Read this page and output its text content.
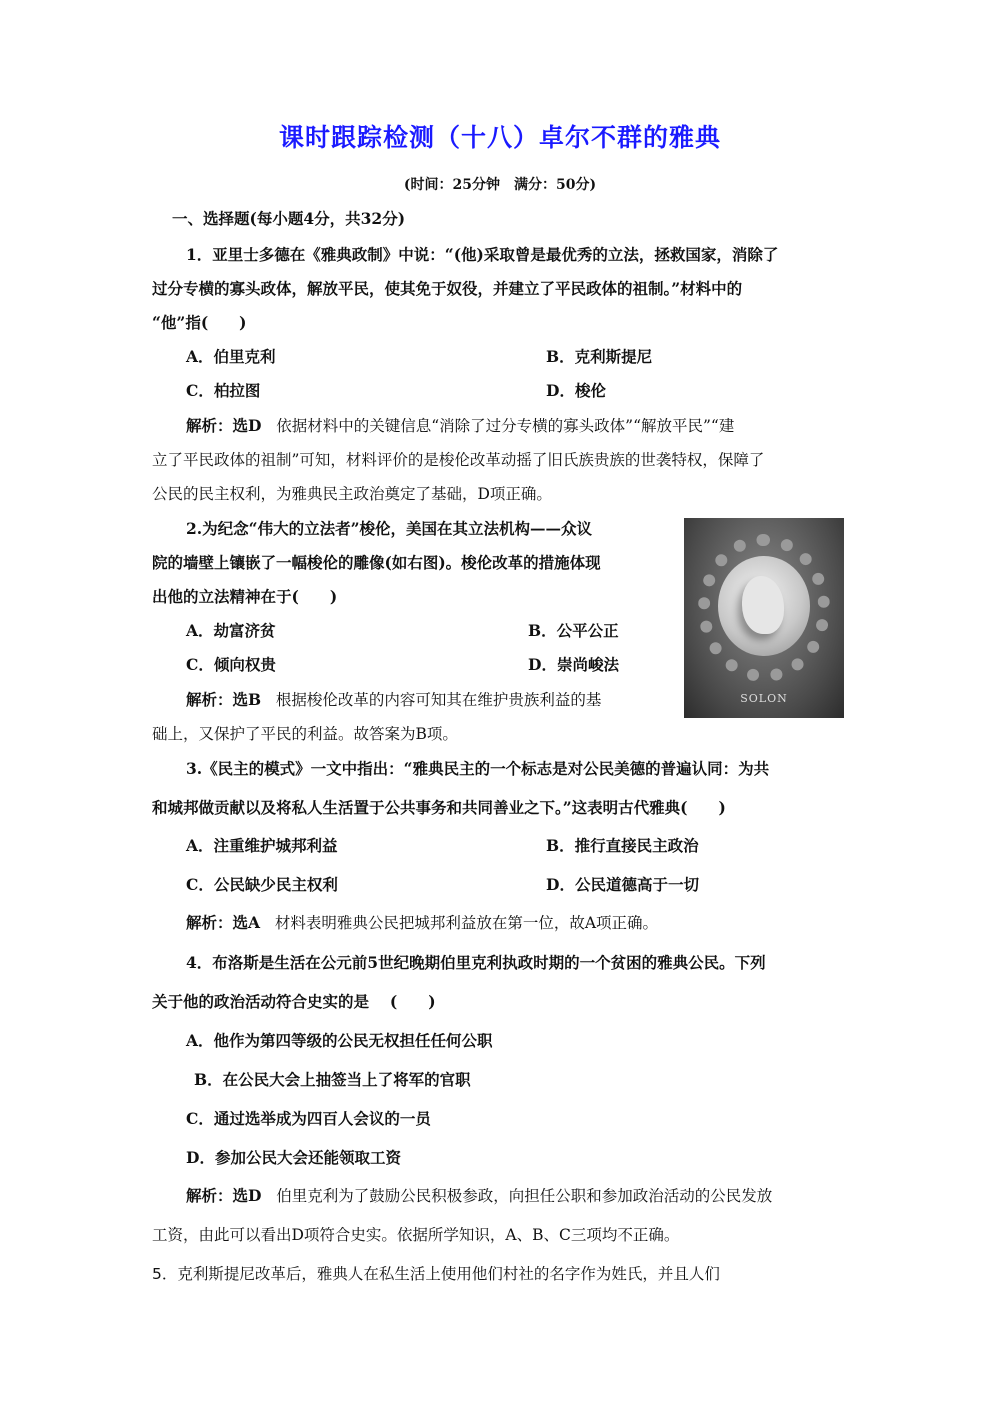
课时跟踪检测（十八）卓尔不群的雅典
(时间：25分钟　满分：50分)
一、选择题(每小题4分，共32分)
1．亚里士多德在《雅典政制》中说：“(他)采取曾是最优秀的立法，拯救国家，消除了
过分专横的寡头政体，解放平民，使其免于奴役，并建立了平民政体的祖制。”材料中的
“他”指(　　)
A．伯里克利	B．克利斯提尼
C．柏拉图	D．梭伦
解析：选D 依据材料中的关键信息“消除了过分专横的寡头政体”“解放平民”“建
立了平民政体的祖制”可知，材料评价的是梭伦改革动摇了旧氏族贵族的世袭特权，保障了
公民的民主权利，为雅典民主政治奠定了基础，D项正确。
2.为纪念“伟大的立法者”梭伦，美国在其立法机构——众议
院的墙壁上镶嵌了一幅梭伦的雕像(如右图)。梭伦改革的措施体现
出他的立法精神在于(　　)
A．劫富济贫	B．公平公正
C．倾向权贵	D．崇尚峻法
解析：选B 根据梭伦改革的内容可知其在维护贵族利益的基
础上，又保护了平民的利益。故答案为B项。
SOLON
3.《民主的模式》一文中指出：“雅典民主的一个标志是对公民美德的普遍认同：为共
和城邦做贡献以及将私人生活置于公共事务和共同善业之下。”这表明古代雅典(　　)
A．注重维护城邦利益	B．推行直接民主政治
C．公民缺少民主权利	D．公民道德高于一切
解析：选A 材料表明雅典公民把城邦利益放在第一位，故A项正确。
4．布洛斯是生活在公元前5世纪晚期伯里克利执政时期的一个贫困的雅典公民。下列
关于他的政治活动符合史实的是　 (　　)
A．他作为第四等级的公民无权担任任何公职
B．在公民大会上抽签当上了将军的官职
C．通过选举成为四百人会议的一员
D．参加公民大会还能领取工资
解析：选D 伯里克利为了鼓励公民积极参政，向担任公职和参加政治活动的公民发放
工资，由此可以看出D项符合史实。依据所学知识，A、B、C三项均不正确。
5．克利斯提尼改革后，雅典人在私生活上使用他们村社的名字作为姓氏，并且人们
